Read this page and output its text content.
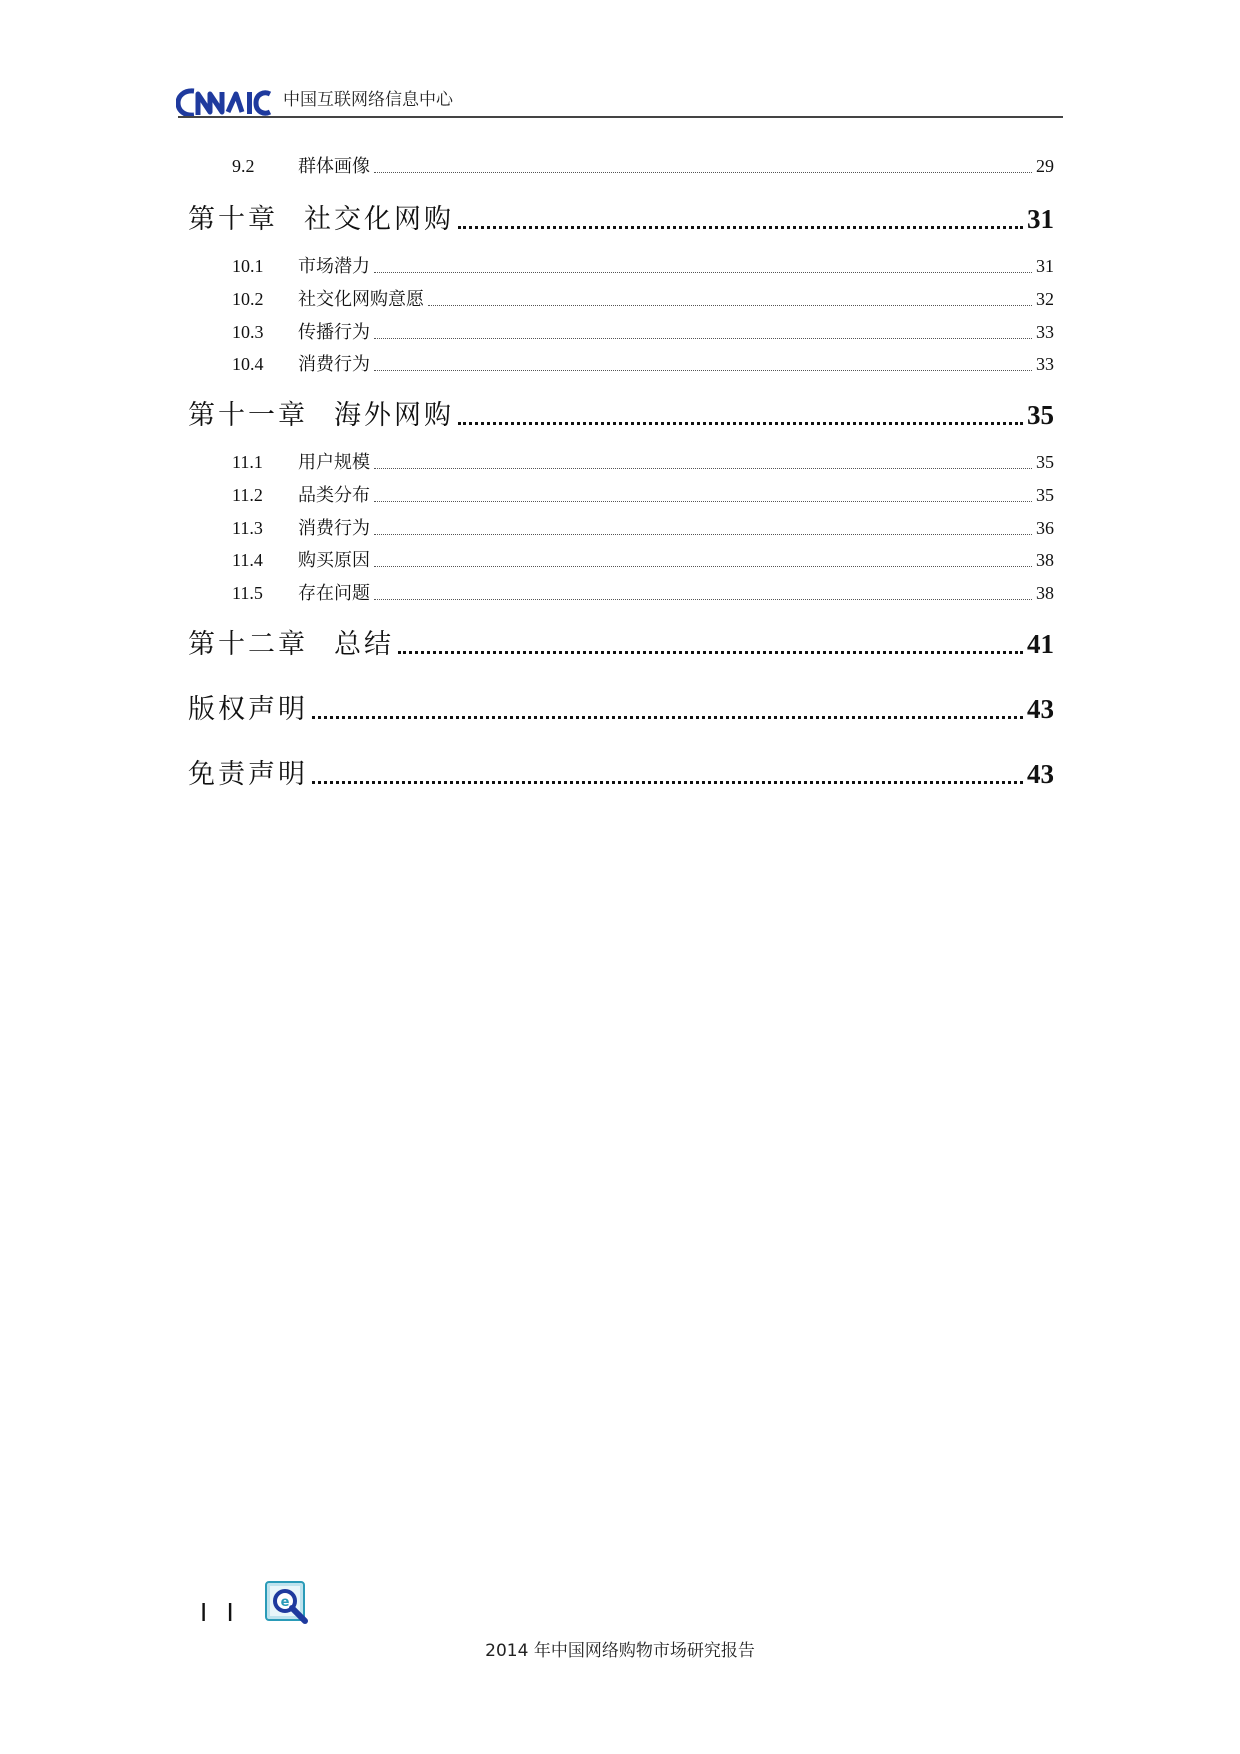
中国互联网络信息中心
9.2	群体画像	29
第十章 社交化网购	31
10.1	市场潜力	31
10.2	社交化网购意愿	32
10.3	传播行为	33
10.4	消费行为	33
第十一章 海外网购	35
11.1	用户规模	35
11.2	品类分布	35
11.3	消费行为	36
11.4	购买原因	38
11.5	存在问题	38
第十二章 总结	41
版权声明	43
免责声明	43
I I	e
2014 年中国网络购物市场研究报告
